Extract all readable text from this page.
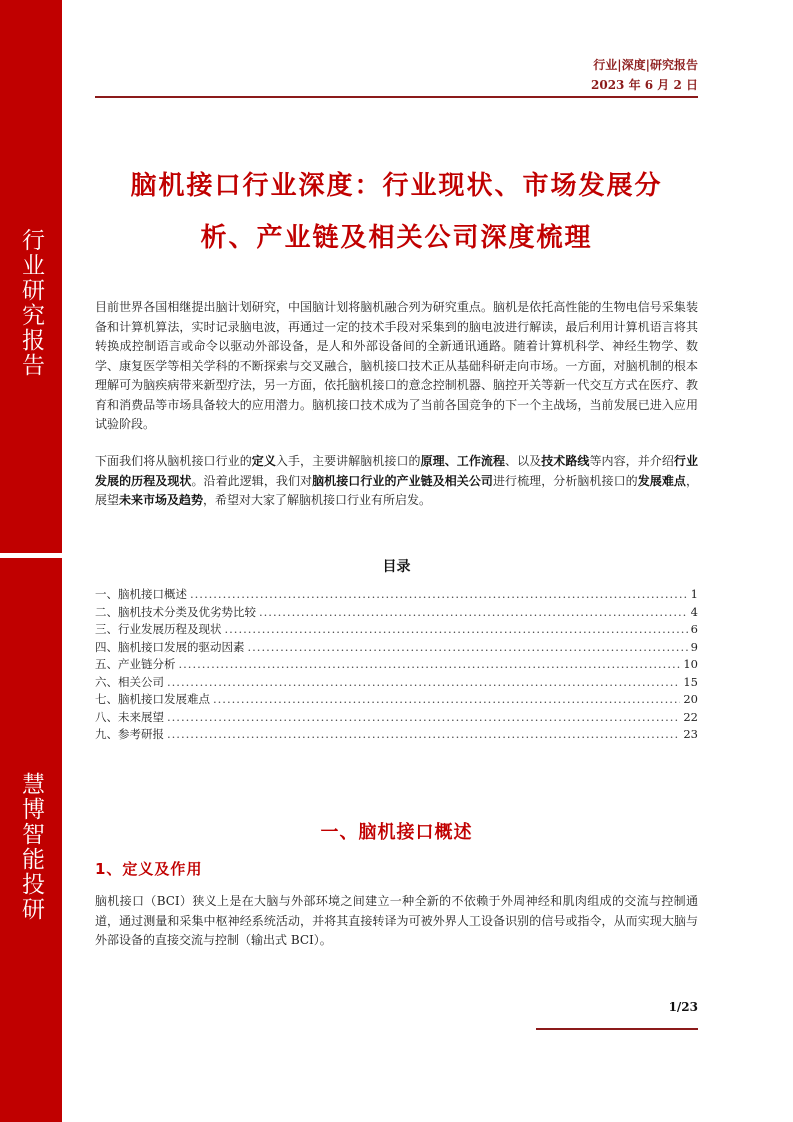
行业研究报告
慧博智能投研
行业|深度|研究报告
2023 年 6 月 2 日
脑机接口行业深度：行业现状、市场发展分
析、产业链及相关公司深度梳理
目前世界各国相继提出脑计划研究，中国脑计划将脑机融合列为研究重点。脑机是依托高性能的生物电信号采集装备和计算机算法，实时记录脑电波，再通过一定的技术手段对采集到的脑电波进行解读，最后利用计算机语言将其转换成控制语言或命令以驱动外部设备，是人和外部设备间的全新通讯通路。随着计算机科学、神经生物学、数学、康复医学等相关学科的不断探索与交叉融合，脑机接口技术正从基础科研走向市场。一方面，对脑机制的根本理解可为脑疾病带来新型疗法，另一方面，依托脑机接口的意念控制机器、脑控开关等新一代交互方式在医疗、教育和消费品等市场具备较大的应用潜力。脑机接口技术成为了当前各国竞争的下一个主战场，当前发展已进入应用试验阶段。
下面我们将从脑机接口行业的定义入手，主要讲解脑机接口的原理、工作流程、以及技术路线等内容，并介绍行业发展的历程及现状。沿着此逻辑，我们对脑机接口行业的产业链及相关公司进行梳理，分析脑机接口的发展难点，展望未来市场及趋势，希望对大家了解脑机接口行业有所启发。
目录
一、脑机接口概述 .....	1
二、脑机技术分类及优劣势比较 .....	4
三、行业发展历程及现状 .....	6
四、脑机接口发展的驱动因素 .....	9
五、产业链分析 .....	10
六、相关公司 .....	15
七、脑机接口发展难点 .....	20
八、未来展望 .....	22
九、参考研报 .....	23
一、脑机接口概述
1、定义及作用
脑机接口（BCI）狭义上是在大脑与外部环境之间建立一种全新的不依赖于外周神经和肌肉组成的交流与控制通道，通过测量和采集中枢神经系统活动，并将其直接转译为可被外界人工设备识别的信号或指令，从而实现大脑与外部设备的直接交流与控制（输出式 BCI）。
1/23
